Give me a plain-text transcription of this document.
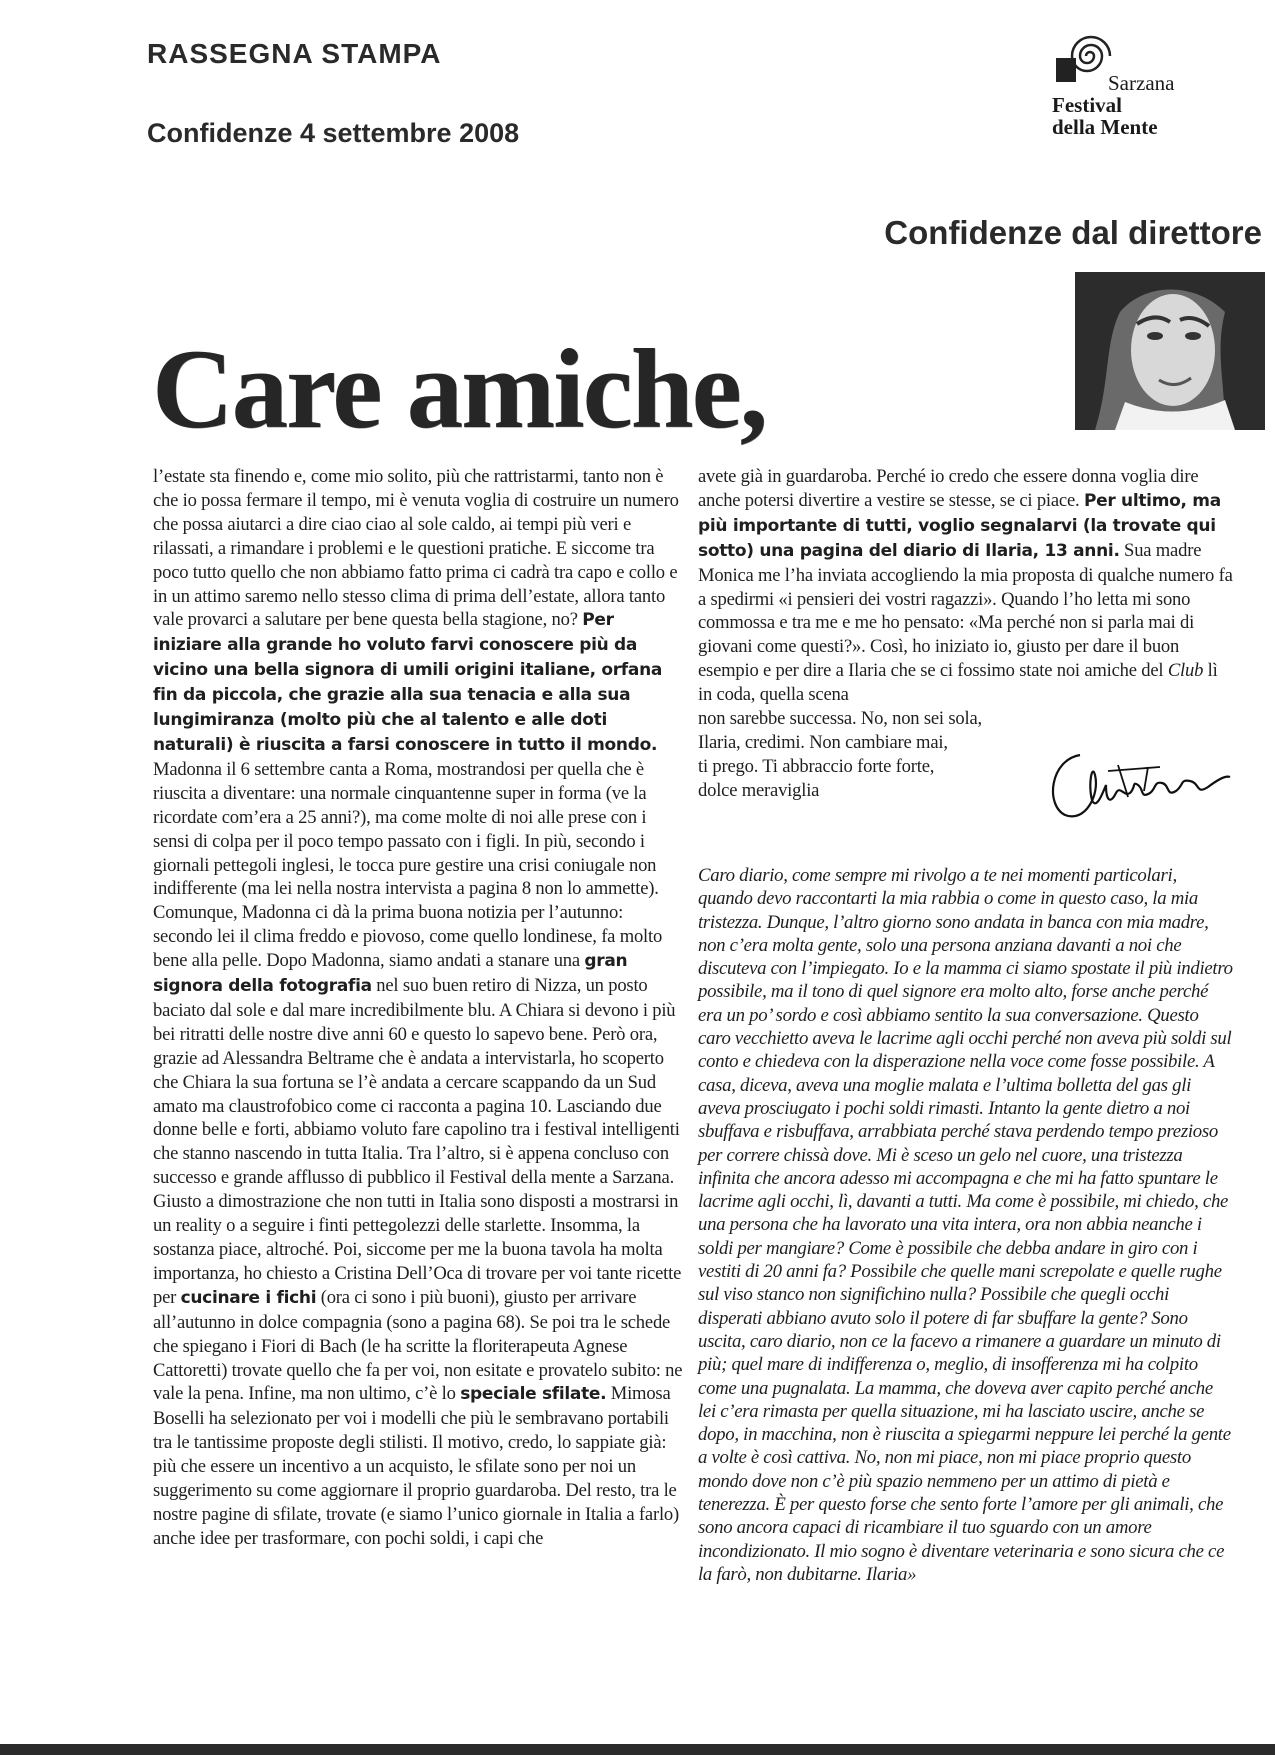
RASSEGNA STAMPA
Confidenze 4 settembre 2008
Sarzana
Festival
della Mente
Confidenze dal direttore
Care amiche,

l’estate sta finendo e, come mio solito, più che rattristarmi, tanto non è che io possa fermare il tempo, mi è venuta voglia di costruire un numero che possa aiutarci a dire ciao ciao al sole caldo, ai tempi più veri e rilassati, a rimandare i problemi e le questioni pratiche. E siccome tra poco tutto quello che non abbiamo fatto prima ci cadrà tra capo e collo e in un attimo saremo nello stesso clima di prima dell’estate, allora tanto vale provarci a salutare per bene questa bella stagione, no? Per iniziare alla grande ho voluto farvi conoscere più da vicino una bella signora di umili origini italiane, orfana fin da piccola, che grazie alla sua tenacia e alla sua lungimiranza (molto più che al talento e alle doti naturali) è riuscita a farsi conoscere in tutto il mondo. Madonna il 6 settembre canta a Roma, mostrandosi per quella che è riuscita a diventare: una normale cinquantenne super in forma (ve la ricordate com’era a 25 anni?), ma come molte di noi alle prese con i sensi di colpa per il poco tempo passato con i figli. In più, secondo i giornali pettegoli inglesi, le tocca pure gestire una crisi coniugale non indifferente (ma lei nella nostra intervista a pagina 8 non lo ammette). Comunque, Madonna ci dà la prima buona notizia per l’autunno: secondo lei il clima freddo e piovoso, come quello londinese, fa molto bene alla pelle. Dopo Madonna, siamo andati a stanare una gran signora della fotografia nel suo buen retiro di Nizza, un posto baciato dal sole e dal mare incredibilmente blu. A Chiara si devono i più bei ritratti delle nostre dive anni 60 e questo lo sapevo bene. Però ora, grazie ad Alessandra Beltrame che è andata a intervistarla, ho scoperto che Chiara la sua fortuna se l’è andata a cercare scappando da un Sud amato ma claustrofobico come ci racconta a pagina 10. Lasciando due donne belle e forti, abbiamo voluto fare capolino tra i festival intelligenti che stanno nascendo in tutta Italia. Tra l’altro, si è appena concluso con successo e grande afflusso di pubblico il Festival della mente a Sarzana. Giusto a dimostrazione che non tutti in Italia sono disposti a mostrarsi in un reality o a seguire i finti pettegolezzi delle starlette. Insomma, la sostanza piace, altroché. Poi, siccome per me la buona tavola ha molta importanza, ho chiesto a Cristina Dell’Oca di trovare per voi tante ricette per cucinare i fichi (ora ci sono i più buoni), giusto per arrivare all’autunno in dolce compagnia (sono a pagina 68). Se poi tra le schede che spiegano i Fiori di Bach (le ha scritte la floriterapeuta Agnese Cattoretti) trovate quello che fa per voi, non esitate e provatelo subito: ne vale la pena. Infine, ma non ultimo, c’è lo speciale sfilate. Mimosa Boselli ha selezionato per voi i modelli che più le sembravano portabili tra le tantissime proposte degli stilisti. Il motivo, credo, lo sappiate già: più che essere un incentivo a un acquisto, le sfilate sono per noi un suggerimento su come aggiornare il proprio guardaroba. Del resto, tra le nostre pagine di sfilate, trovate (e siamo l’unico giornale in Italia a farlo) anche idee per trasformare, con pochi soldi, i capi che

avete già in guardaroba. Perché io credo che essere donna voglia dire anche potersi divertire a vestire se stesse, se ci piace. Per ultimo, ma più importante di tutti, voglio segnalarvi (la trovate qui sotto) una pagina del diario di Ilaria, 13 anni. Sua madre Monica me l’ha inviata accogliendo la mia proposta di qualche numero fa a spedirmi «i pensieri dei vostri ragazzi». Quando l’ho letta mi sono commossa e tra me e me ho pensato: «Ma perché non si parla mai di giovani come questi?». Così, ho iniziato io, giusto per dare il buon esempio e per dire a Ilaria che se ci fossimo state noi amiche del Club lì in coda, quella scena

non sarebbe successa. No, non sei sola,
Ilaria, credimi. Non cambiare mai,
ti prego. Ti abbraccio forte forte,
dolce meraviglia
Caro diario, come sempre mi rivolgo a te nei momenti particolari, quando devo raccontarti la mia rabbia o come in questo caso, la mia tristezza. Dunque, l’altro giorno sono andata in banca con mia madre, non c’era molta gente, solo una persona anziana davanti a noi che discuteva con l’impiegato. Io e la mamma ci siamo spostate il più indietro possibile, ma il tono di quel signore era molto alto, forse anche perché era un po’ sordo e così abbiamo sentito la sua conversazione. Questo caro vecchietto aveva le lacrime agli occhi perché non aveva più soldi sul conto e chiedeva con la disperazione nella voce come fosse possibile. A casa, diceva, aveva una moglie malata e l’ultima bolletta del gas gli aveva prosciugato i pochi soldi rimasti. Intanto la gente dietro a noi sbuffava e risbuffava, arrabbiata perché stava perdendo tempo prezioso per correre chissà dove. Mi è sceso un gelo nel cuore, una tristezza infinita che ancora adesso mi accompagna e che mi ha fatto spuntare le lacrime agli occhi, lì, davanti a tutti. Ma come è possibile, mi chiedo, che una persona che ha lavorato una vita intera, ora non abbia neanche i soldi per mangiare? Come è possibile che debba andare in giro con i vestiti di 20 anni fa? Possibile che quelle mani screpolate e quelle rughe sul viso stanco non significhino nulla? Possibile che quegli occhi disperati abbiano avuto solo il potere di far sbuffare la gente? Sono uscita, caro diario, non ce la facevo a rimanere a guardare un minuto di più; quel mare di indifferenza o, meglio, di insofferenza mi ha colpito come una pugnalata. La mamma, che doveva aver capito perché anche lei c’era rimasta per quella situazione, mi ha lasciato uscire, anche se dopo, in macchina, non è riuscita a spiegarmi neppure lei perché la gente a volte è così cattiva. No, non mi piace, non mi piace proprio questo mondo dove non c’è più spazio nemmeno per un attimo di pietà e tenerezza. È per questo forse che sento forte l’amore per gli animali, che sono ancora capaci di ricambiare il tuo sguardo con un amore incondizionato. Il mio sogno è diventare veterinaria e sono sicura che ce la farò, non dubitarne. Ilaria»
